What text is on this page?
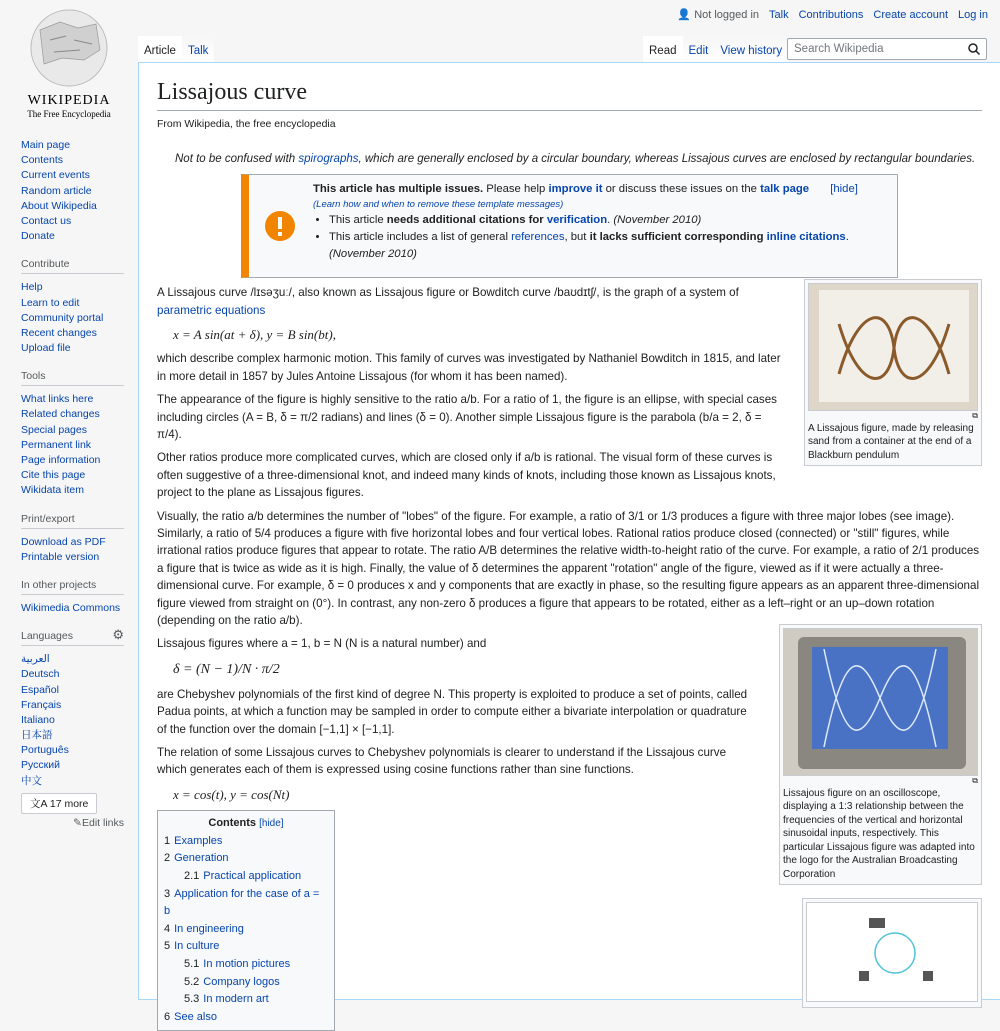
WIKIPEDIA
The Free Encyclopedia
👤 Not logged in Talk Contributions Create account Log in
Article	Talk	Read	Edit	View history	Search Wikipedia
Main page
Contents
Current events
Random article
About Wikipedia
Contact us
Donate
Contribute
Help
Learn to edit
Community portal
Recent changes
Upload file
Tools
What links here
Related changes
Special pages
Permanent link
Page information
Cite this page
Wikidata item
Print/export
Download as PDF
Printable version
In other projects
Wikimedia Commons
Languages	⚙
العربية
Deutsch
Español
Français
Italiano
日本語
Português
Русский
中文
文A 17 more
✎Edit links
Lissajous curve
From Wikipedia, the free encyclopedia
Not to be confused with spirographs, which are generally enclosed by a circular boundary, whereas Lissajous curves are enclosed by rectangular boundaries.
This article has multiple issues. Please help improve it or discuss these issues on the talk page [hide]
(Learn how and when to remove these template messages)
• This article needs additional citations for verification. (November 2010)
• This article includes a list of general references, but it lacks sufficient corresponding inline citations. (November 2010)

A Lissajous curve /lɪsəʒuː/, also known as Lissajous figure or Bowditch curve /baʊdɪtʃ/, is the graph of a system of
parametric equations

x = A sin(at + δ), y = B sin(bt),

which describe complex harmonic motion. This family of curves was investigated by Nathaniel Bowditch in 1815, and later in more detail in 1857 by Jules Antoine Lissajous (for whom it has been named).

The appearance of the figure is highly sensitive to the ratio a/b. For a ratio of 1, the figure is an ellipse, with special cases including circles (A = B, δ = π/2 radians) and lines (δ = 0). Another simple Lissajous figure is the parabola (b/a = 2, δ = π/4).

Other ratios produce more complicated curves, which are closed only if a/b is rational. The visual form of these curves is often suggestive of a three-dimensional knot, and indeed many kinds of knots, including those known as Lissajous knots, project to the plane as Lissajous figures.

Visually, the ratio a/b determines the number of "lobes" of the figure. For example, a ratio of 3/1 or 1/3 produces a figure with three major lobes (see image). Similarly, a ratio of 5/4 produces a figure with five horizontal lobes and four vertical lobes. Rational ratios produce closed (connected) or "still" figures, while irrational ratios produce figures that appear to rotate. The ratio A/B determines the relative width-to-height ratio of the curve. For example, a ratio of 2/1 produces a figure that is twice as wide as it is high. Finally, the value of δ determines the apparent "rotation" angle of the figure, viewed as if it were actually a three-dimensional curve. For example, δ = 0 produces x and y components that are exactly in phase, so the resulting figure appears as an apparent three-dimensional figure viewed from straight on (0°). In contrast, any non-zero δ produces a figure that appears to be rotated, either as a left–right or an up–down rotation (depending on the ratio a/b).

Lissajous figures where a = 1, b = N (N is a natural number) and

δ = (N − 1)/N · π/2

are Chebyshev polynomials of the first kind of degree N. This property is exploited to produce a set of points, called Padua points, at which a function may be sampled in order to compute either a bivariate interpolation or quadrature of the function over the domain [−1,1] × [−1,1].

The relation of some Lissajous curves to Chebyshev polynomials is clearer to understand if the Lissajous curve which generates each of them is expressed using cosine functions rather than sine functions.

x = cos(t), y = cos(Nt)
Contents [hide]
1 Examples
2 Generation
2.1 Practical application
3 Application for the case of a = b
4 In engineering
5 In culture
5.1 In motion pictures
5.2 Company logos
5.3 In modern art
6 See also
⧉
A Lissajous figure, made by releasing sand from a container at the end of a Blackburn pendulum
⧉
Lissajous figure on an oscilloscope, displaying a 1:3 relationship between the frequencies of the vertical and horizontal sinusoidal inputs, respectively. This particular Lissajous figure was adapted into the logo for the Australian Broadcasting Corporation
